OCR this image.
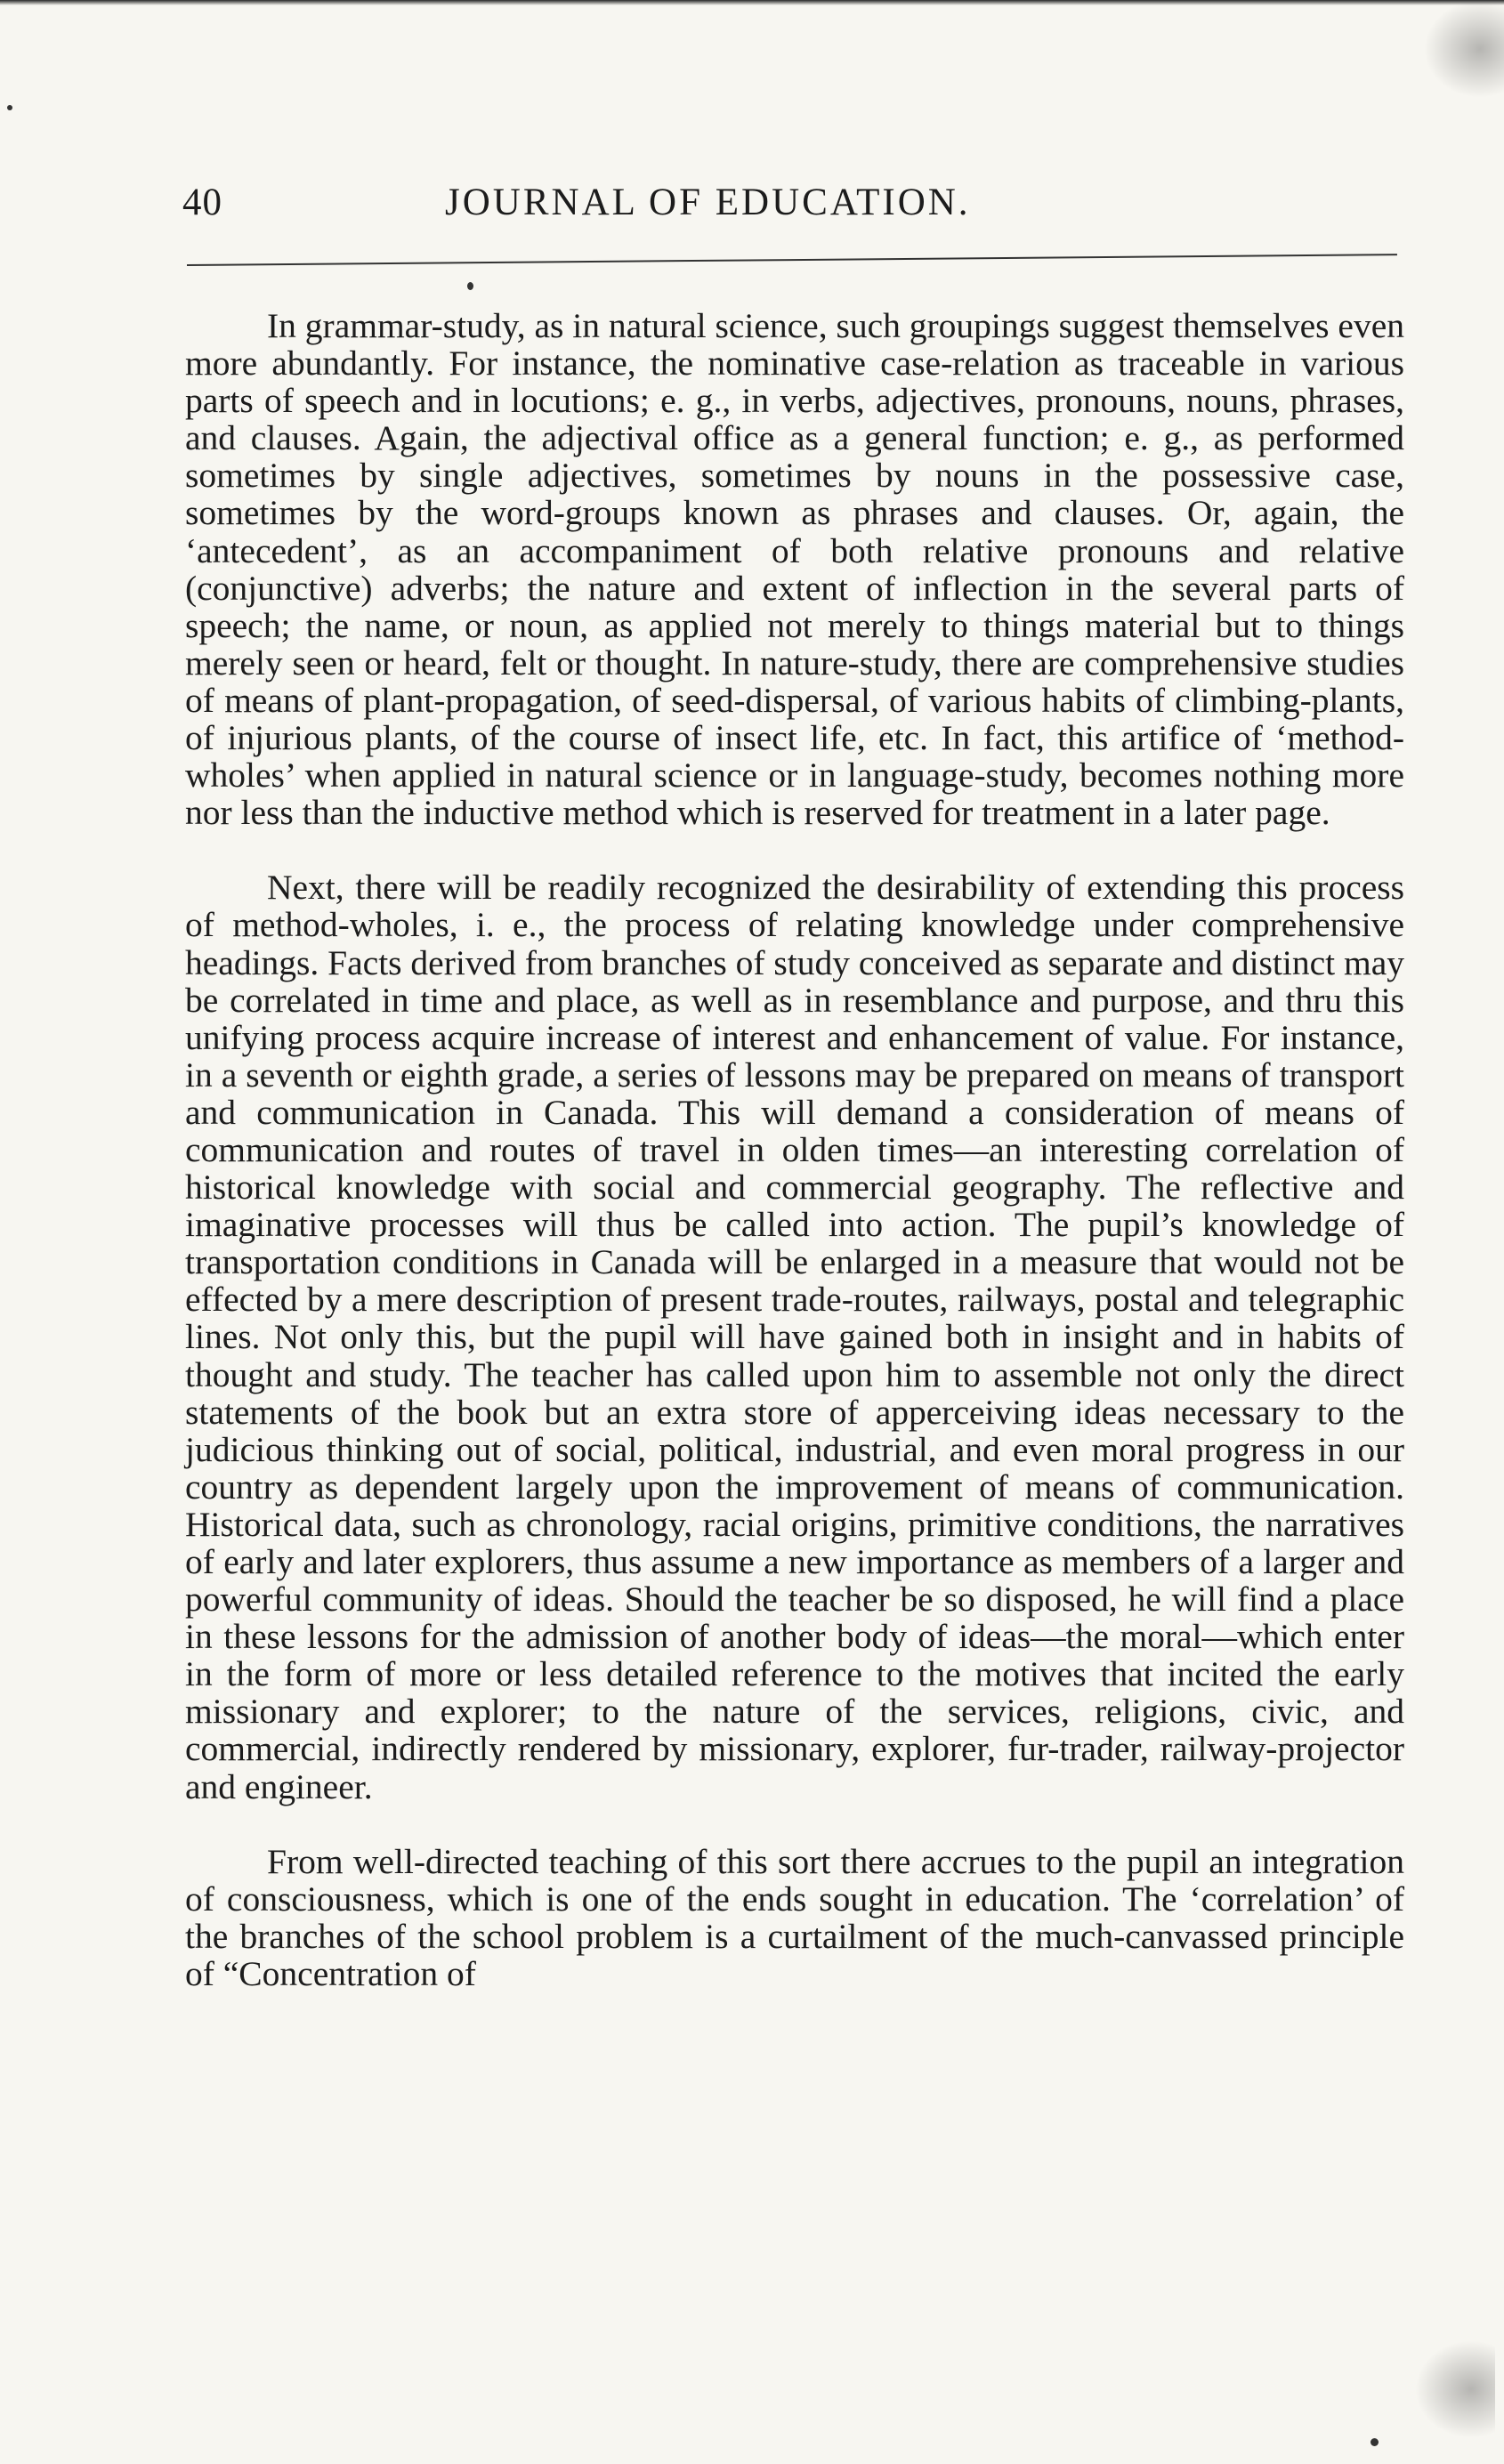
40	JOURNAL OF EDUCATION.

In grammar-study, as in natural science, such groupings suggest themselves even more abundantly. For instance, the nominative case-relation as traceable in various parts of speech and in locutions; e. g., in verbs, adjectives, pronouns, nouns, phrases, and clauses. Again, the adjectival office as a general function; e. g., as performed sometimes by single adjectives, sometimes by nouns in the possessive case, sometimes by the word-groups known as phrases and clauses. Or, again, the ‘antecedent’, as an accompaniment of both relative pronouns and relative (conjunctive) adverbs; the nature and extent of inflection in the several parts of speech; the name, or noun, as applied not merely to things material but to things merely seen or heard, felt or thought. In nature-study, there are comprehensive studies of means of plant-propagation, of seed-dispersal, of various habits of climbing-plants, of injurious plants, of the course of insect life, etc. In fact, this artifice of ‘method-wholes’ when applied in natural science or in language-study, becomes nothing more nor less than the inductive method which is reserved for treatment in a later page.

Next, there will be readily recognized the desirability of extending this process of method-wholes, i. e., the process of relating knowledge under comprehensive headings. Facts derived from branches of study conceived as separate and distinct may be correlated in time and place, as well as in resemblance and purpose, and thru this unifying process acquire increase of interest and enhancement of value. For instance, in a seventh or eighth grade, a series of lessons may be prepared on means of transport and communication in Canada. This will demand a consideration of means of communication and routes of travel in olden times—an interesting correlation of historical knowledge with social and commercial geography. The reflective and imaginative processes will thus be called into action. The pupil’s knowledge of transportation conditions in Canada will be enlarged in a measure that would not be effected by a mere description of present trade-routes, railways, postal and telegraphic lines. Not only this, but the pupil will have gained both in insight and in habits of thought and study. The teacher has called upon him to assemble not only the direct statements of the book but an extra store of apperceiving ideas necessary to the judicious thinking out of social, political, industrial, and even moral progress in our country as dependent largely upon the improvement of means of communication. Historical data, such as chronology, racial origins, primitive conditions, the narratives of early and later explorers, thus assume a new importance as members of a larger and powerful community of ideas. Should the teacher be so disposed, he will find a place in these lessons for the admission of another body of ideas—the moral—which enter in the form of more or less detailed reference to the motives that incited the early missionary and explorer; to the nature of the services, religions, civic, and commercial, indirectly rendered by missionary, explorer, fur-trader, railway-projector and engineer.

From well-directed teaching of this sort there accrues to the pupil an integration of consciousness, which is one of the ends sought in education. The ‘correlation’ of the branches of the school problem is a curtailment of the much-canvassed principle of “Concentration of
